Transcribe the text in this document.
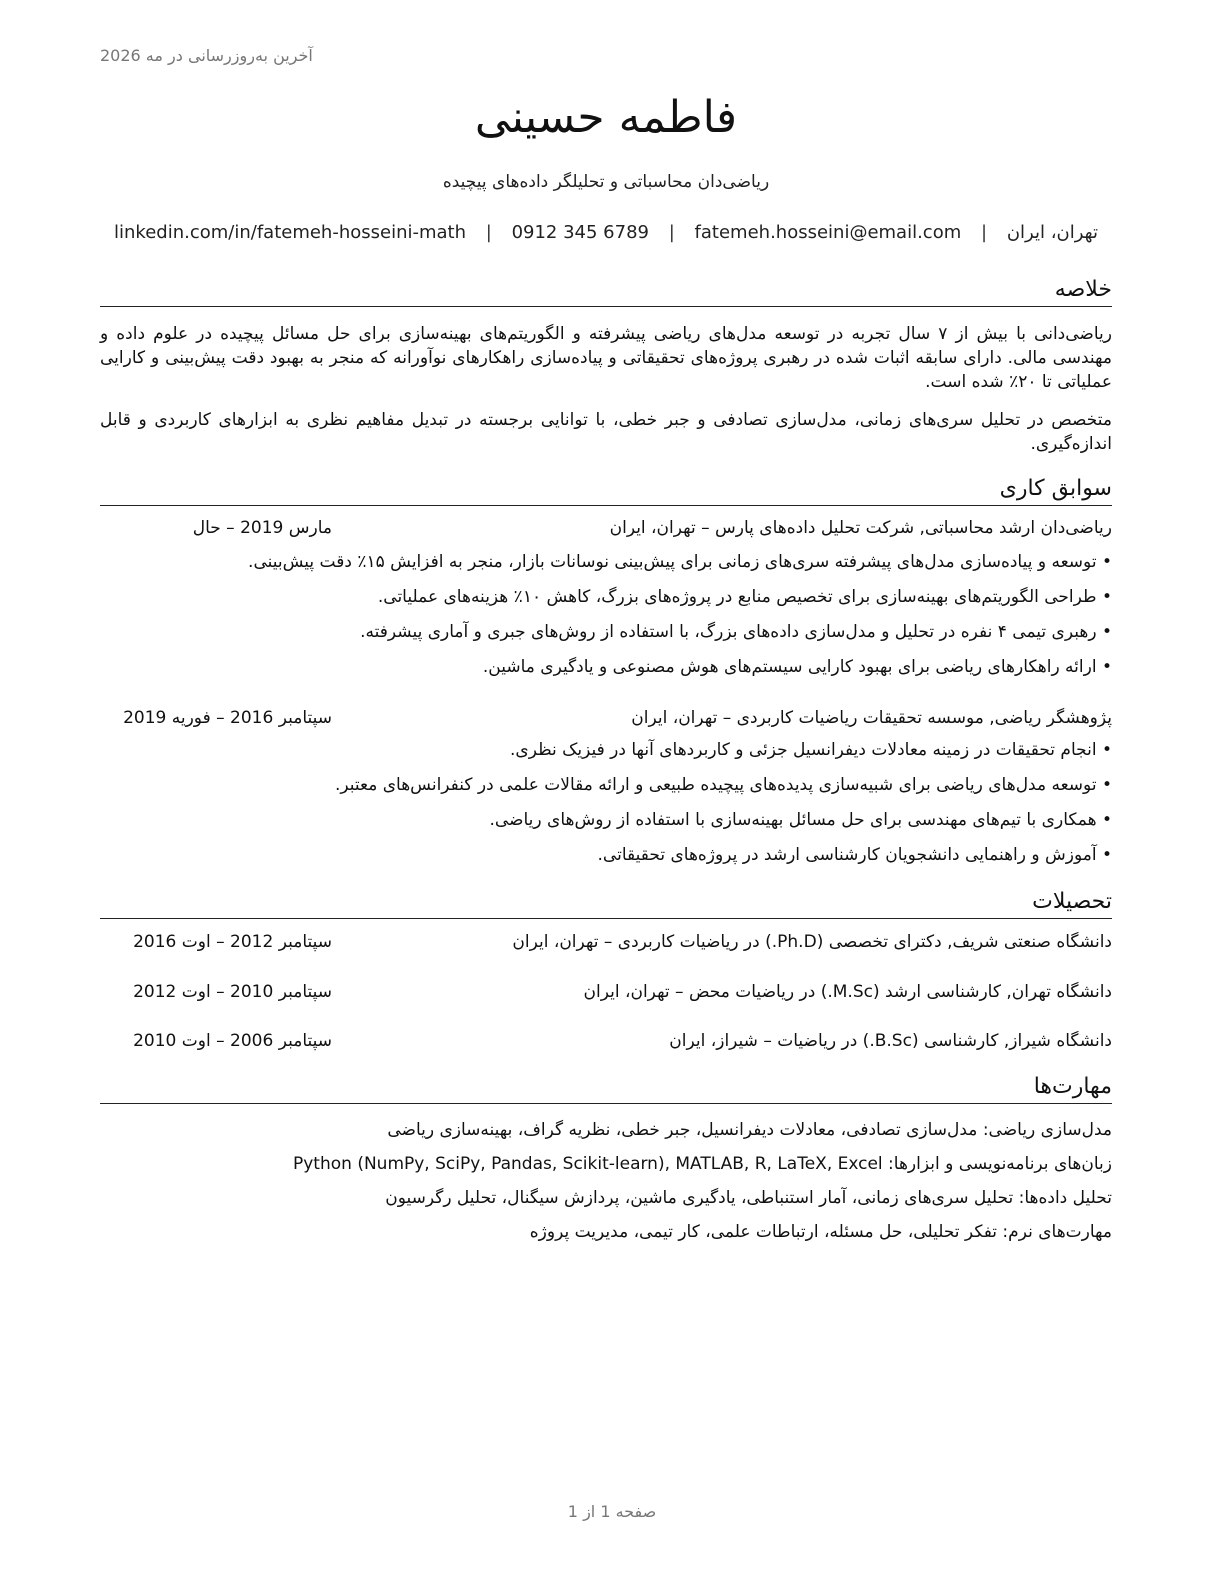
آخرین به‌روزرسانی در مه 2026
فاطمه حسینی
ریاضی‌دان محاسباتی و تحلیلگر داده‌های پیچیده
تهران، ایران | fatemeh.hosseini@email.com | 0912 345 6789 | linkedin.com/in/fatemeh-hosseini-math
خلاصه

ریاضی‌دانی با بیش از ۷ سال تجربه در توسعه مدل‌های ریاضی پیشرفته و الگوریتم‌های بهینه‌سازی برای حل مسائل پیچیده در علوم داده و مهندسی مالی. دارای سابقه اثبات شده در رهبری پروژه‌های تحقیقاتی و پیاده‌سازی راهکارهای نوآورانه که منجر به بهبود دقت پیش‌بینی و کارایی عملیاتی تا ۲۰٪ شده است.

متخصص در تحلیل سری‌های زمانی، مدل‌سازی تصادفی و جبر خطی، با توانایی برجسته در تبدیل مفاهیم نظری به ابزارهای کاربردی و قابل اندازه‌گیری.

سوابق کاری
ریاضی‌دان ارشد محاسباتی, شرکت تحلیل داده‌های پارس – تهران، ایران
مارس 2019 – حال
• توسعه و پیاده‌سازی مدل‌های پیشرفته سری‌های زمانی برای پیش‌بینی نوسانات بازار، منجر به افزایش ۱۵٪ دقت پیش‌بینی.
• طراحی الگوریتم‌های بهینه‌سازی برای تخصیص منابع در پروژه‌های بزرگ، کاهش ۱۰٪ هزینه‌های عملیاتی.
• رهبری تیمی ۴ نفره در تحلیل و مدل‌سازی داده‌های بزرگ، با استفاده از روش‌های جبری و آماری پیشرفته.
• ارائه راهکارهای ریاضی برای بهبود کارایی سیستم‌های هوش مصنوعی و یادگیری ماشین.
پژوهشگر ریاضی, موسسه تحقیقات ریاضیات کاربردی – تهران، ایران
سپتامبر 2016 – فوریه 2019
• انجام تحقیقات در زمینه معادلات دیفرانسیل جزئی و کاربردهای آنها در فیزیک نظری.
• توسعه مدل‌های ریاضی برای شبیه‌سازی پدیده‌های پیچیده طبیعی و ارائه مقالات علمی در کنفرانس‌های معتبر.
• همکاری با تیم‌های مهندسی برای حل مسائل بهینه‌سازی با استفاده از روش‌های ریاضی.
• آموزش و راهنمایی دانشجویان کارشناسی ارشد در پروژه‌های تحقیقاتی.
تحصیلات
دانشگاه صنعتی شریف, دکترای تخصصی (Ph.D.) در ریاضیات کاربردی – تهران، ایران
سپتامبر 2012 – اوت 2016
دانشگاه تهران, کارشناسی ارشد (M.Sc.) در ریاضیات محض – تهران، ایران
سپتامبر 2010 – اوت 2012
دانشگاه شیراز, کارشناسی (B.Sc.) در ریاضیات – شیراز، ایران
سپتامبر 2006 – اوت 2010
مهارت‌ها
مدل‌سازی ریاضی: مدل‌سازی تصادفی، معادلات دیفرانسیل، جبر خطی، نظریه گراف، بهینه‌سازی ریاضی
زبان‌های برنامه‌نویسی و ابزارها: Python (NumPy, SciPy, Pandas, Scikit-learn), MATLAB, R, LaTeX, Excel
تحلیل داده‌ها: تحلیل سری‌های زمانی، آمار استنباطی، یادگیری ماشین، پردازش سیگنال، تحلیل رگرسیون
مهارت‌های نرم: تفکر تحلیلی، حل مسئله، ارتباطات علمی، کار تیمی، مدیریت پروژه
صفحه 1 از 1
